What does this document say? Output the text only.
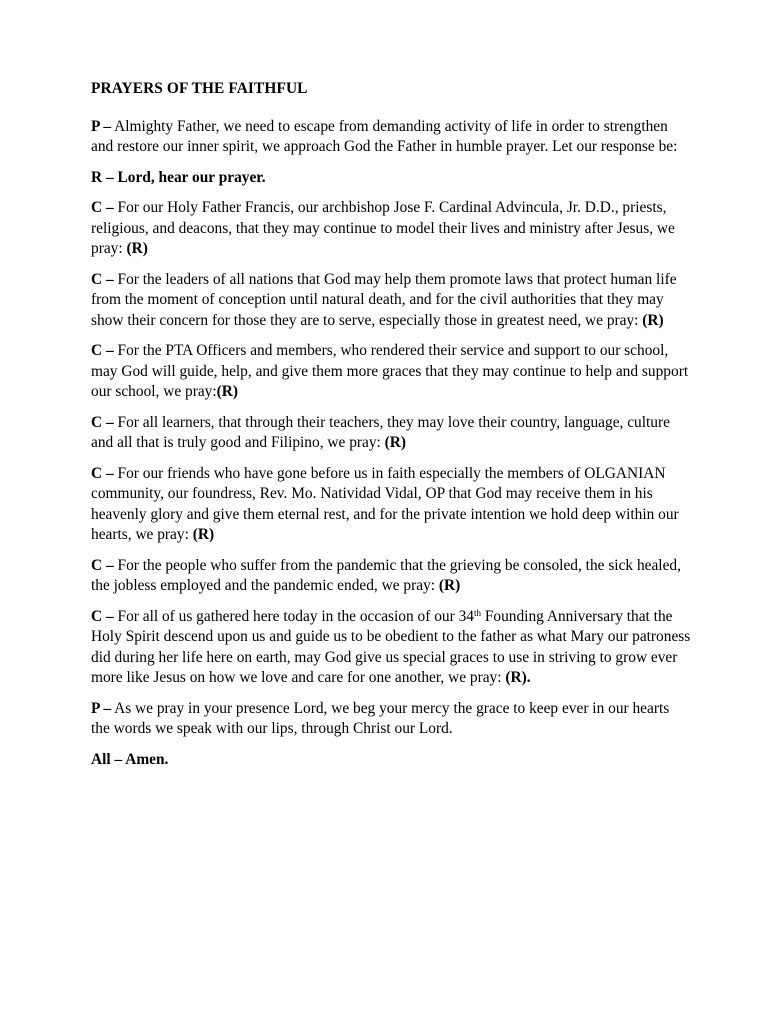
PRAYERS OF THE FAITHFUL

P – Almighty Father, we need to escape from demanding activity of life in order to strengthen and restore our inner spirit, we approach God the Father in humble prayer. Let our response be:

R – Lord, hear our prayer.

C – For our Holy Father Francis, our archbishop Jose F. Cardinal Advincula, Jr. D.D., priests, religious, and deacons, that they may continue to model their lives and ministry after Jesus, we pray: (R)

C – For the leaders of all nations that God may help them promote laws that protect human life from the moment of conception until natural death, and for the civil authorities that they may show their concern for those they are to serve, especially those in greatest need, we pray: (R)

C – For the PTA Officers and members, who rendered their service and support to our school, may God will guide, help, and give them more graces that they may continue to help and support our school, we pray:(R)

C – For all learners, that through their teachers, they may love their country, language, culture and all that is truly good and Filipino, we pray: (R)

C – For our friends who have gone before us in faith especially the members of OLGANIAN community, our foundress, Rev. Mo. Natividad Vidal, OP that God may receive them in his heavenly glory and give them eternal rest, and for the private intention we hold deep within our hearts, we pray: (R)

C – For the people who suffer from the pandemic that the grieving be consoled, the sick healed, the jobless employed and the pandemic ended, we pray: (R)

C – For all of us gathered here today in the occasion of our 34th Founding Anniversary that the Holy Spirit descend upon us and guide us to be obedient to the father as what Mary our patroness did during her life here on earth, may God give us special graces to use in striving to grow ever more like Jesus on how we love and care for one another, we pray: (R).

P – As we pray in your presence Lord, we beg your mercy the grace to keep ever in our hearts the words we speak with our lips, through Christ our Lord.

All – Amen.
